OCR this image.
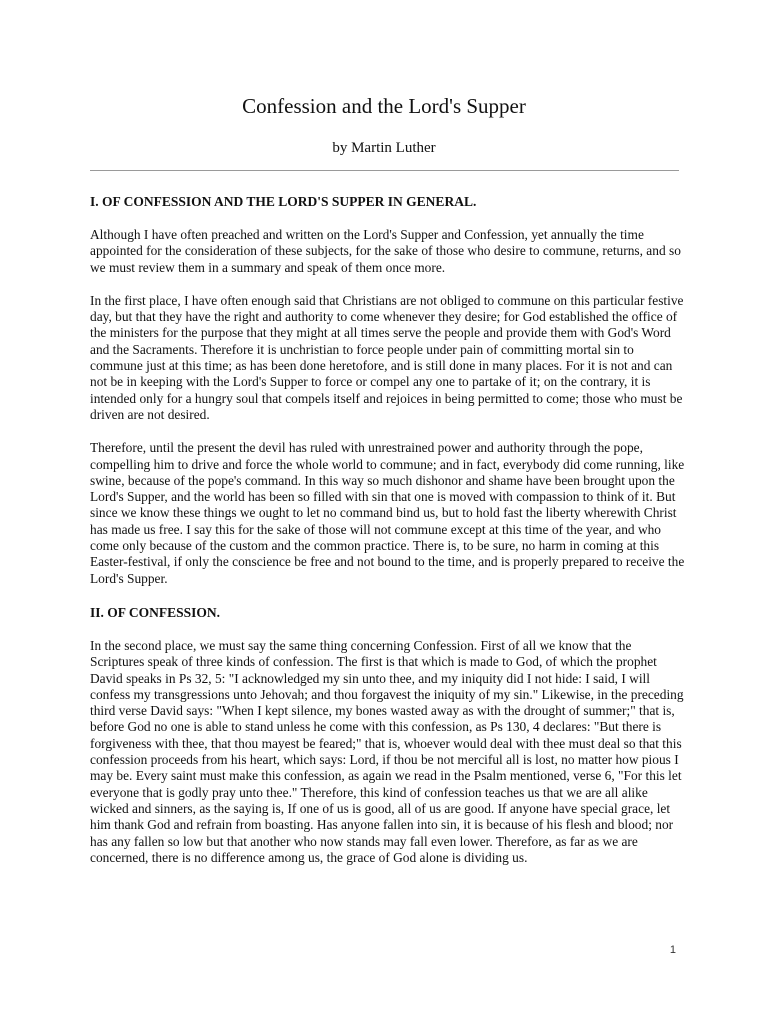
Confession and the Lord's Supper

by Martin Luther

I. OF CONFESSION AND THE LORD'S SUPPER IN GENERAL.

Although I have often preached and written on the Lord's Supper and Confession, yet annually the time appointed for the consideration of these subjects, for the sake of those who desire to commune, returns, and so we must review them in a summary and speak of them once more.

In the first place, I have often enough said that Christians are not obliged to commune on this particular festive day, but that they have the right and authority to come whenever they desire; for God established the office of the ministers for the purpose that they might at all times serve the people and provide them with God's Word and the Sacraments. Therefore it is unchristian to force people under pain of committing mortal sin to commune just at this time; as has been done heretofore, and is still done in many places. For it is not and can not be in keeping with the Lord's Supper to force or compel any one to partake of it; on the contrary, it is intended only for a hungry soul that compels itself and rejoices in being permitted to come; those who must be driven are not desired.

Therefore, until the present the devil has ruled with unrestrained power and authority through the pope, compelling him to drive and force the whole world to commune; and in fact, everybody did come running, like swine, because of the pope's command. In this way so much dishonor and shame have been brought upon the Lord's Supper, and the world has been so filled with sin that one is moved with compassion to think of it. But since we know these things we ought to let no command bind us, but to hold fast the liberty wherewith Christ has made us free. I say this for the sake of those will not commune except at this time of the year, and who come only because of the custom and the common practice. There is, to be sure, no harm in coming at this Easter-festival, if only the conscience be free and not bound to the time, and is properly prepared to receive the Lord's Supper.

II. OF CONFESSION.

In the second place, we must say the same thing concerning Confession. First of all we know that the Scriptures speak of three kinds of confession. The first is that which is made to God, of which the prophet David speaks in Ps 32, 5: "I acknowledged my sin unto thee, and my iniquity did I not hide: I said, I will confess my transgressions unto Jehovah; and thou forgavest the iniquity of my sin." Likewise, in the preceding third verse David says: "When I kept silence, my bones wasted away as with the drought of summer;" that is, before God no one is able to stand unless he come with this confession, as Ps 130, 4 declares: "But there is forgiveness with thee, that thou mayest be feared;" that is, whoever would deal with thee must deal so that this confession proceeds from his heart, which says: Lord, if thou be not merciful all is lost, no matter how pious I may be. Every saint must make this confession, as again we read in the Psalm mentioned, verse 6, "For this let everyone that is godly pray unto thee." Therefore, this kind of confession teaches us that we are all alike wicked and sinners, as the saying is, If one of us is good, all of us are good. If anyone have special grace, let him thank God and refrain from boasting. Has anyone fallen into sin, it is because of his flesh and blood; nor has any fallen so low but that another who now stands may fall even lower. Therefore, as far as we are concerned, there is no difference among us, the grace of God alone is dividing us.

1
